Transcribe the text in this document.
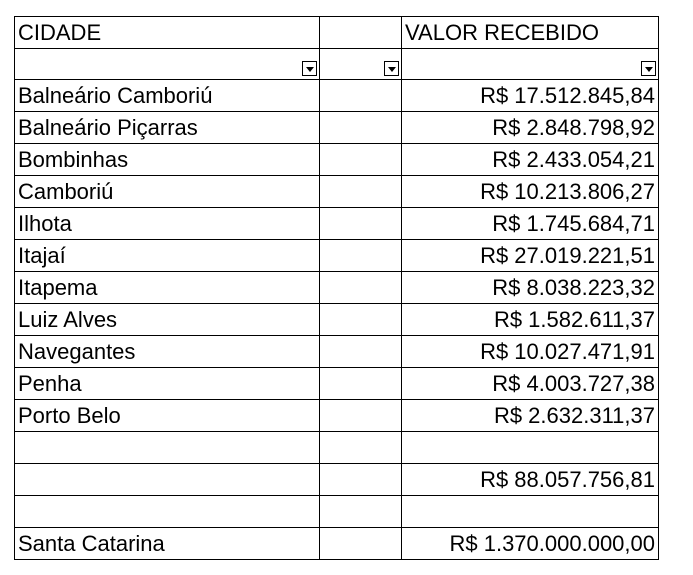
CIDADE		VALOR RECEBIDO

Balneário Camboriú		R$ 17.512.845,84
Balneário Piçarras		R$ 2.848.798,92
Bombinhas		R$ 2.433.054,21
Camboriú		R$ 10.213.806,27
Ilhota		R$ 1.745.684,71
Itajaí		R$ 27.019.221,51
Itapema		R$ 8.038.223,32
Luiz Alves		R$ 1.582.611,37
Navegantes		R$ 10.027.471,91
Penha		R$ 4.003.727,38
Porto Belo		R$ 2.632.311,37

		R$ 88.057.756,81

Santa Catarina		R$ 1.370.000.000,00
